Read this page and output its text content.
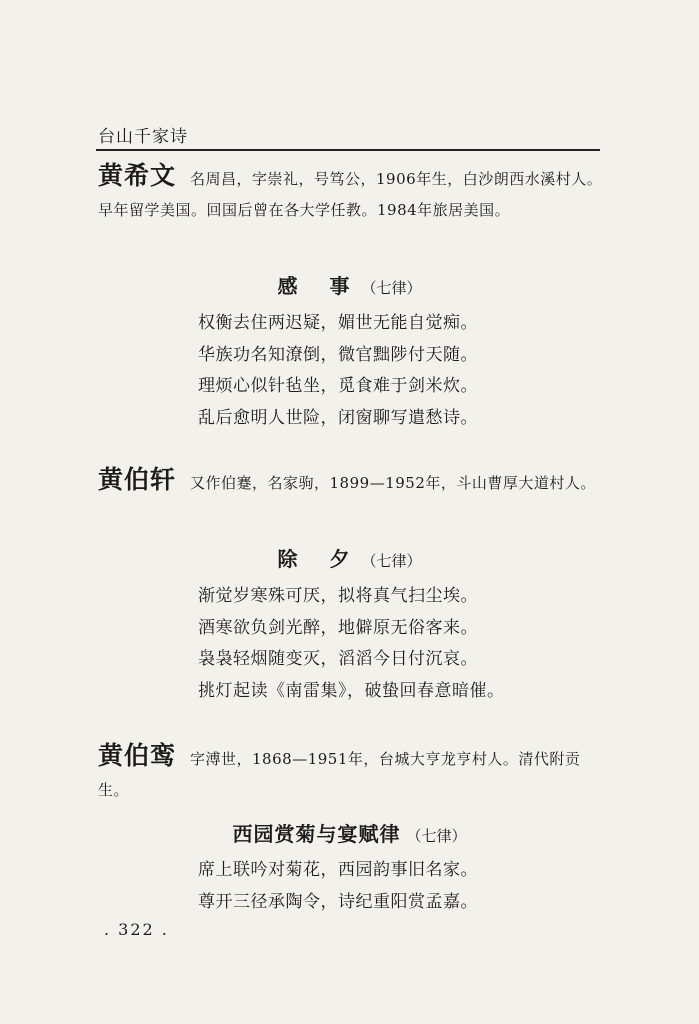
台山千家诗
黄希文 名周昌，字崇礼，号笃公，1906年生，白沙朗西水溪村人。早年留学美国。回国后曾在各大学任教。1984年旅居美国。
感　事 （七律）
权衡去住两迟疑，媚世无能自觉痴。
华族功名知潦倒，微官黜陟付天随。
理烦心似针毡坐，觅食难于剑米炊。
乱后愈明人世险，闭窗聊写遣愁诗。
黄伯轩 又作伯蹇，名家驹，1899—1952年，斗山曹厚大道村人。
除　夕 （七律）
渐觉岁寒殊可厌，拟将真气扫尘埃。
酒寒欲负剑光醉，地僻原无俗客来。
袅袅轻烟随变灭，滔滔今日付沉哀。
挑灯起读《南雷集》，破蛰回春意暗催。
黄伯鸾 字溥世，1868—1951年，台城大亨龙亨村人。清代附贡生。
西园赏菊与宴赋律 （七律）
席上联吟对菊花，西园韵事旧名家。
尊开三径承陶令，诗纪重阳赏孟嘉。
. 322 .
